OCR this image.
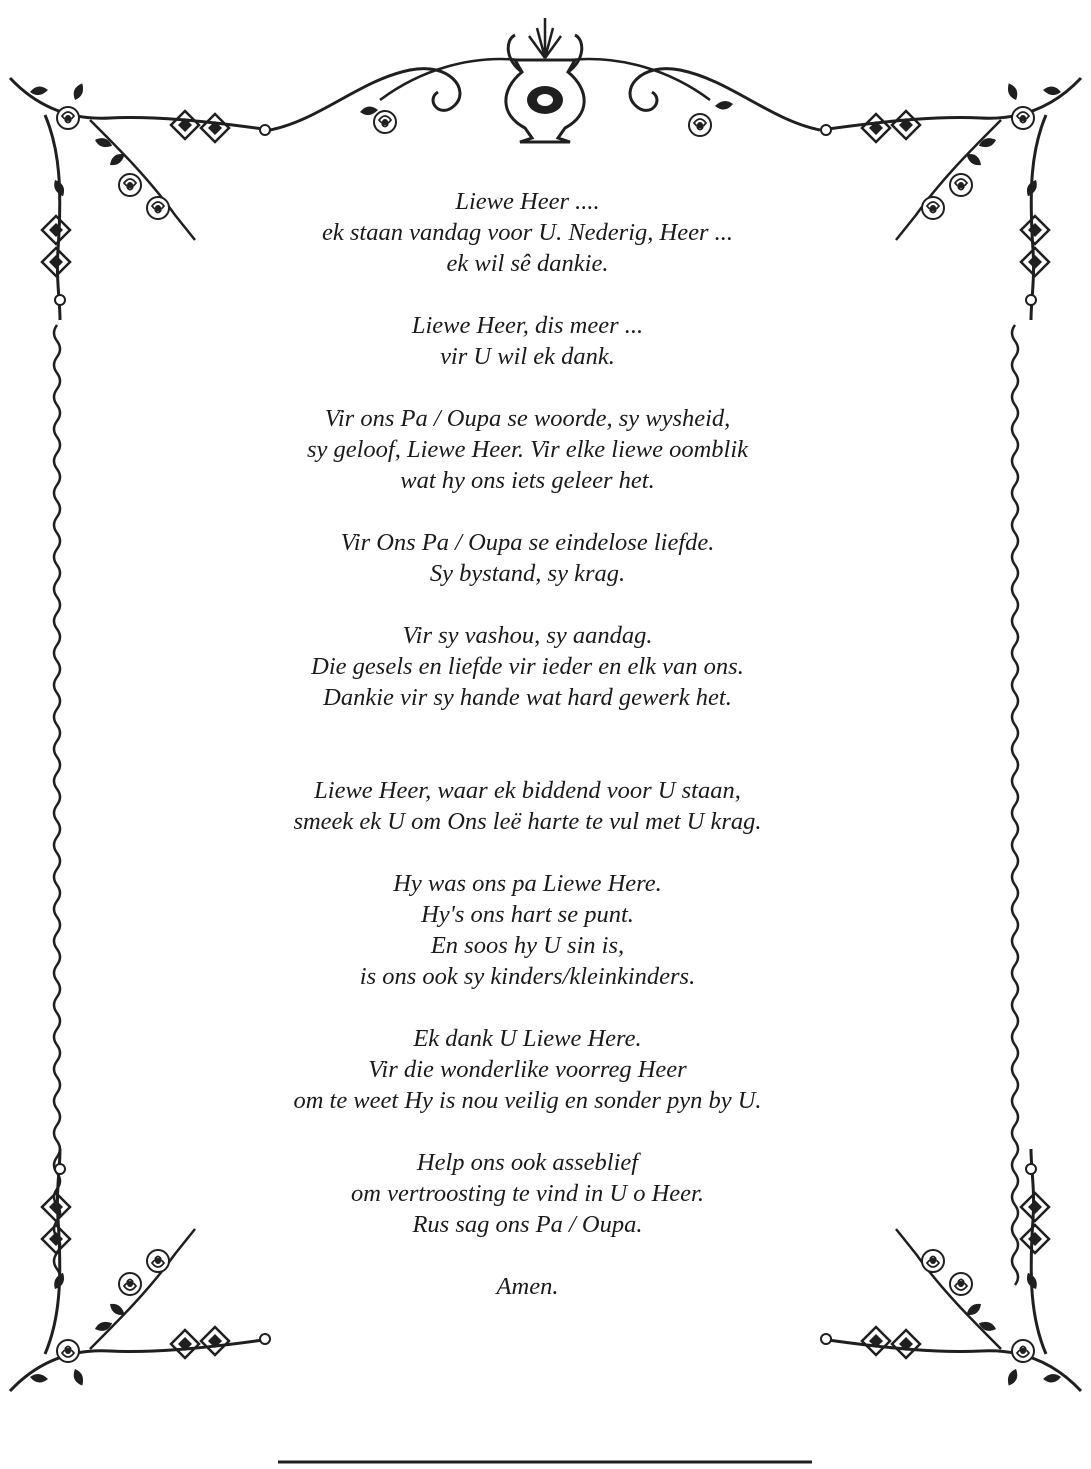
Liewe Heer ....
ek staan vandag voor U. Nederig, Heer ...
ek wil sê dankie.
Liewe Heer, dis meer ...
vir U wil ek dank.
Vir ons Pa / Oupa se woorde, sy wysheid,
sy geloof, Liewe Heer. Vir elke liewe oomblik
wat hy ons iets geleer het.
Vir Ons Pa / Oupa se eindelose liefde.
Sy bystand, sy krag.
Vir sy vashou, sy aandag.
Die gesels en liefde vir ieder en elk van ons.
Dankie vir sy hande wat hard gewerk het.
Liewe Heer, waar ek biddend voor U staan,
smeek ek U om Ons leë harte te vul met U krag.
Hy was ons pa Liewe Here.
Hy's ons hart se punt.
En soos hy U sin is,
is ons ook sy kinders/kleinkinders.
Ek dank U Liewe Here.
Vir die wonderlike voorreg Heer
om te weet Hy is nou veilig en sonder pyn by U.
Help ons ook asseblief
om vertroosting te vind in U o Heer.
Rus sag ons Pa / Oupa.
Amen.
